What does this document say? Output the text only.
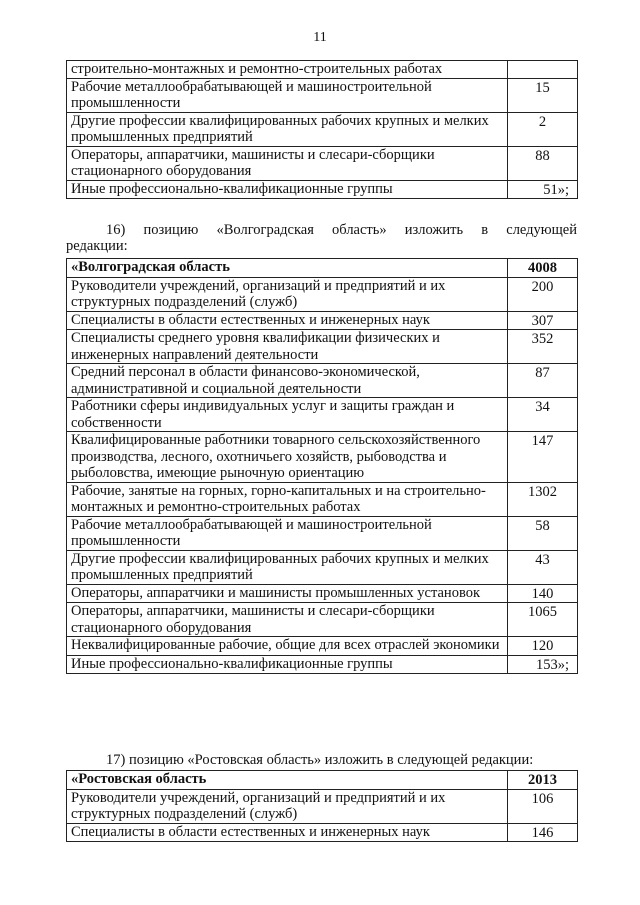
11
строительно-монтажных и ремонтно-строительных работах	
Рабочие металлообрабатывающей и машиностроительной промышленности	15
Другие профессии квалифицированных рабочих крупных и мелких промышленных предприятий	2
Операторы, аппаратчики, машинисты и слесари-сборщики стационарного оборудования	88
Иные профессионально-квалификационные группы	51»;
16) позицию «Волгоградская область» изложить в следующей редакции:
«Волгоградская область	4008
Руководители учреждений, организаций и предприятий и их структурных подразделений (служб)	200
Специалисты в области естественных и инженерных наук	307
Специалисты среднего уровня квалификации физических и инженерных направлений деятельности	352
Средний персонал в области финансово-экономической, административной и социальной деятельности	87
Работники сферы индивидуальных услуг и защиты граждан и собственности	34
Квалифицированные работники товарного сельскохозяйственного производства, лесного, охотничьего хозяйств, рыбоводства и рыболовства, имеющие рыночную ориентацию	147
Рабочие, занятые на горных, горно-капитальных и на строительно-монтажных и ремонтно-строительных работах	1302
Рабочие металлообрабатывающей и машиностроительной промышленности	58
Другие профессии квалифицированных рабочих крупных и мелких промышленных предприятий	43
Операторы, аппаратчики и машинисты промышленных установок	140
Операторы, аппаратчики, машинисты и слесари-сборщики стационарного оборудования	1065
Неквалифицированные рабочие, общие для всех отраслей экономики	120
Иные профессионально-квалификационные группы	153»;
17) позицию «Ростовская область» изложить в следующей редакции:
«Ростовская область	2013
Руководители учреждений, организаций и предприятий и их структурных подразделений (служб)	106
Специалисты в области естественных и инженерных наук	146
